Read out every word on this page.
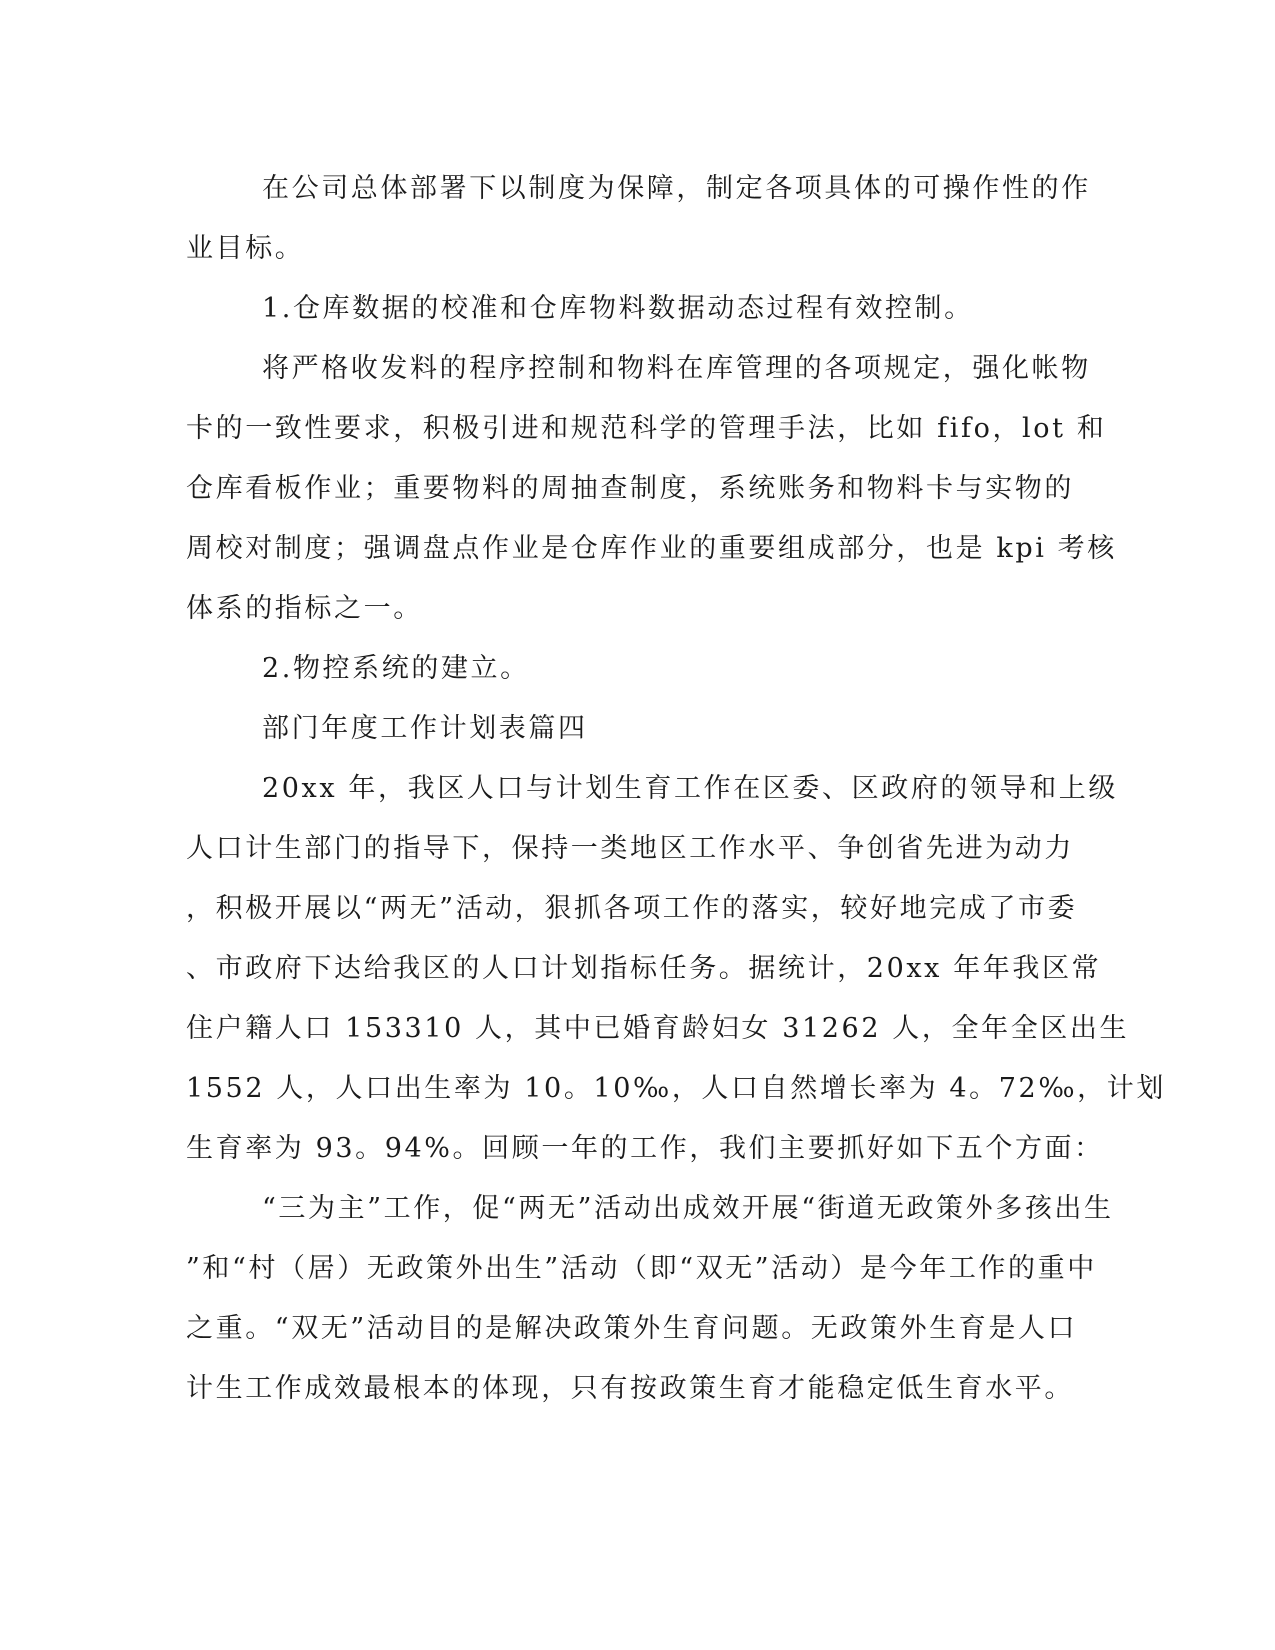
在公司总体部署下以制度为保障，制定各项具体的可操作性的作
业目标。
1.仓库数据的校准和仓库物料数据动态过程有效控制。
将严格收发料的程序控制和物料在库管理的各项规定，强化帐物
卡的一致性要求，积极引进和规范科学的管理手法，比如 fifo，lot 和
仓库看板作业；重要物料的周抽查制度，系统账务和物料卡与实物的
周校对制度；强调盘点作业是仓库作业的重要组成部分，也是 kpi 考核
体系的指标之一。
2.物控系统的建立。
部门年度工作计划表篇四
20xx 年，我区人口与计划生育工作在区委、区政府的领导和上级
人口计生部门的指导下，保持一类地区工作水平、争创省先进为动力
，积极开展以“两无”活动，狠抓各项工作的落实，较好地完成了市委
、市政府下达给我区的人口计划指标任务。据统计，20xx 年年我区常
住户籍人口 153310 人，其中已婚育龄妇女 31262 人，全年全区出生
1552 人，人口出生率为 10。10‰，人口自然增长率为 4。72‰，计划
生育率为 93。94%。回顾一年的工作，我们主要抓好如下五个方面：
“三为主”工作，促“两无”活动出成效开展“街道无政策外多孩出生
”和“村（居）无政策外出生”活动（即“双无”活动）是今年工作的重中
之重。“双无”活动目的是解决政策外生育问题。无政策外生育是人口
计生工作成效最根本的体现，只有按政策生育才能稳定低生育水平。
